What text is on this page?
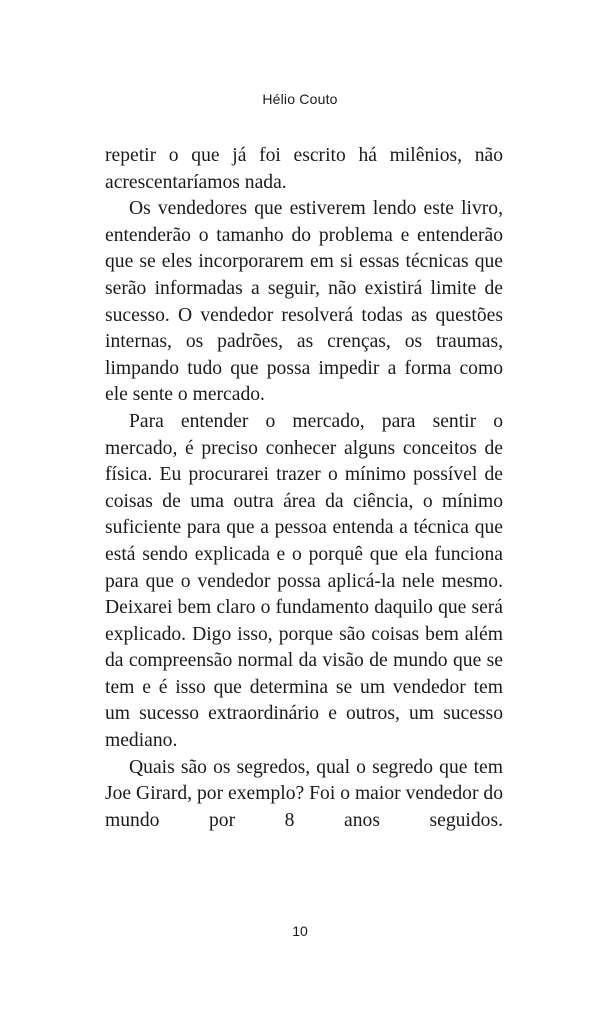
Hélio Couto

repetir o que já foi escrito há milênios, não acrescentaríamos nada.

Os vendedores que estiverem lendo este livro, entenderão o tamanho do problema e entenderão que se eles incorporarem em si essas técnicas que serão informadas a seguir, não existirá limite de sucesso. O vendedor resolverá todas as questões internas, os padrões, as crenças, os traumas, limpando tudo que possa impedir a forma como ele sente o mercado.

Para entender o mercado, para sentir o mercado, é preciso conhecer alguns conceitos de física. Eu procurarei trazer o mínimo possível de coisas de uma outra área da ciência, o mínimo suficiente para que a pessoa entenda a técnica que está sendo explicada e o porquê que ela funciona para que o vendedor possa aplicá-la nele mesmo. Deixarei bem claro o fundamento daquilo que será explicado. Digo isso, porque são coisas bem além da compreensão normal da visão de mundo que se tem e é isso que determina se um vendedor tem um sucesso extraordinário e outros, um sucesso mediano.

Quais são os segredos, qual o segredo que tem Joe Girard, por exemplo? Foi o maior vendedor do mundo por 8 anos seguidos.

10
